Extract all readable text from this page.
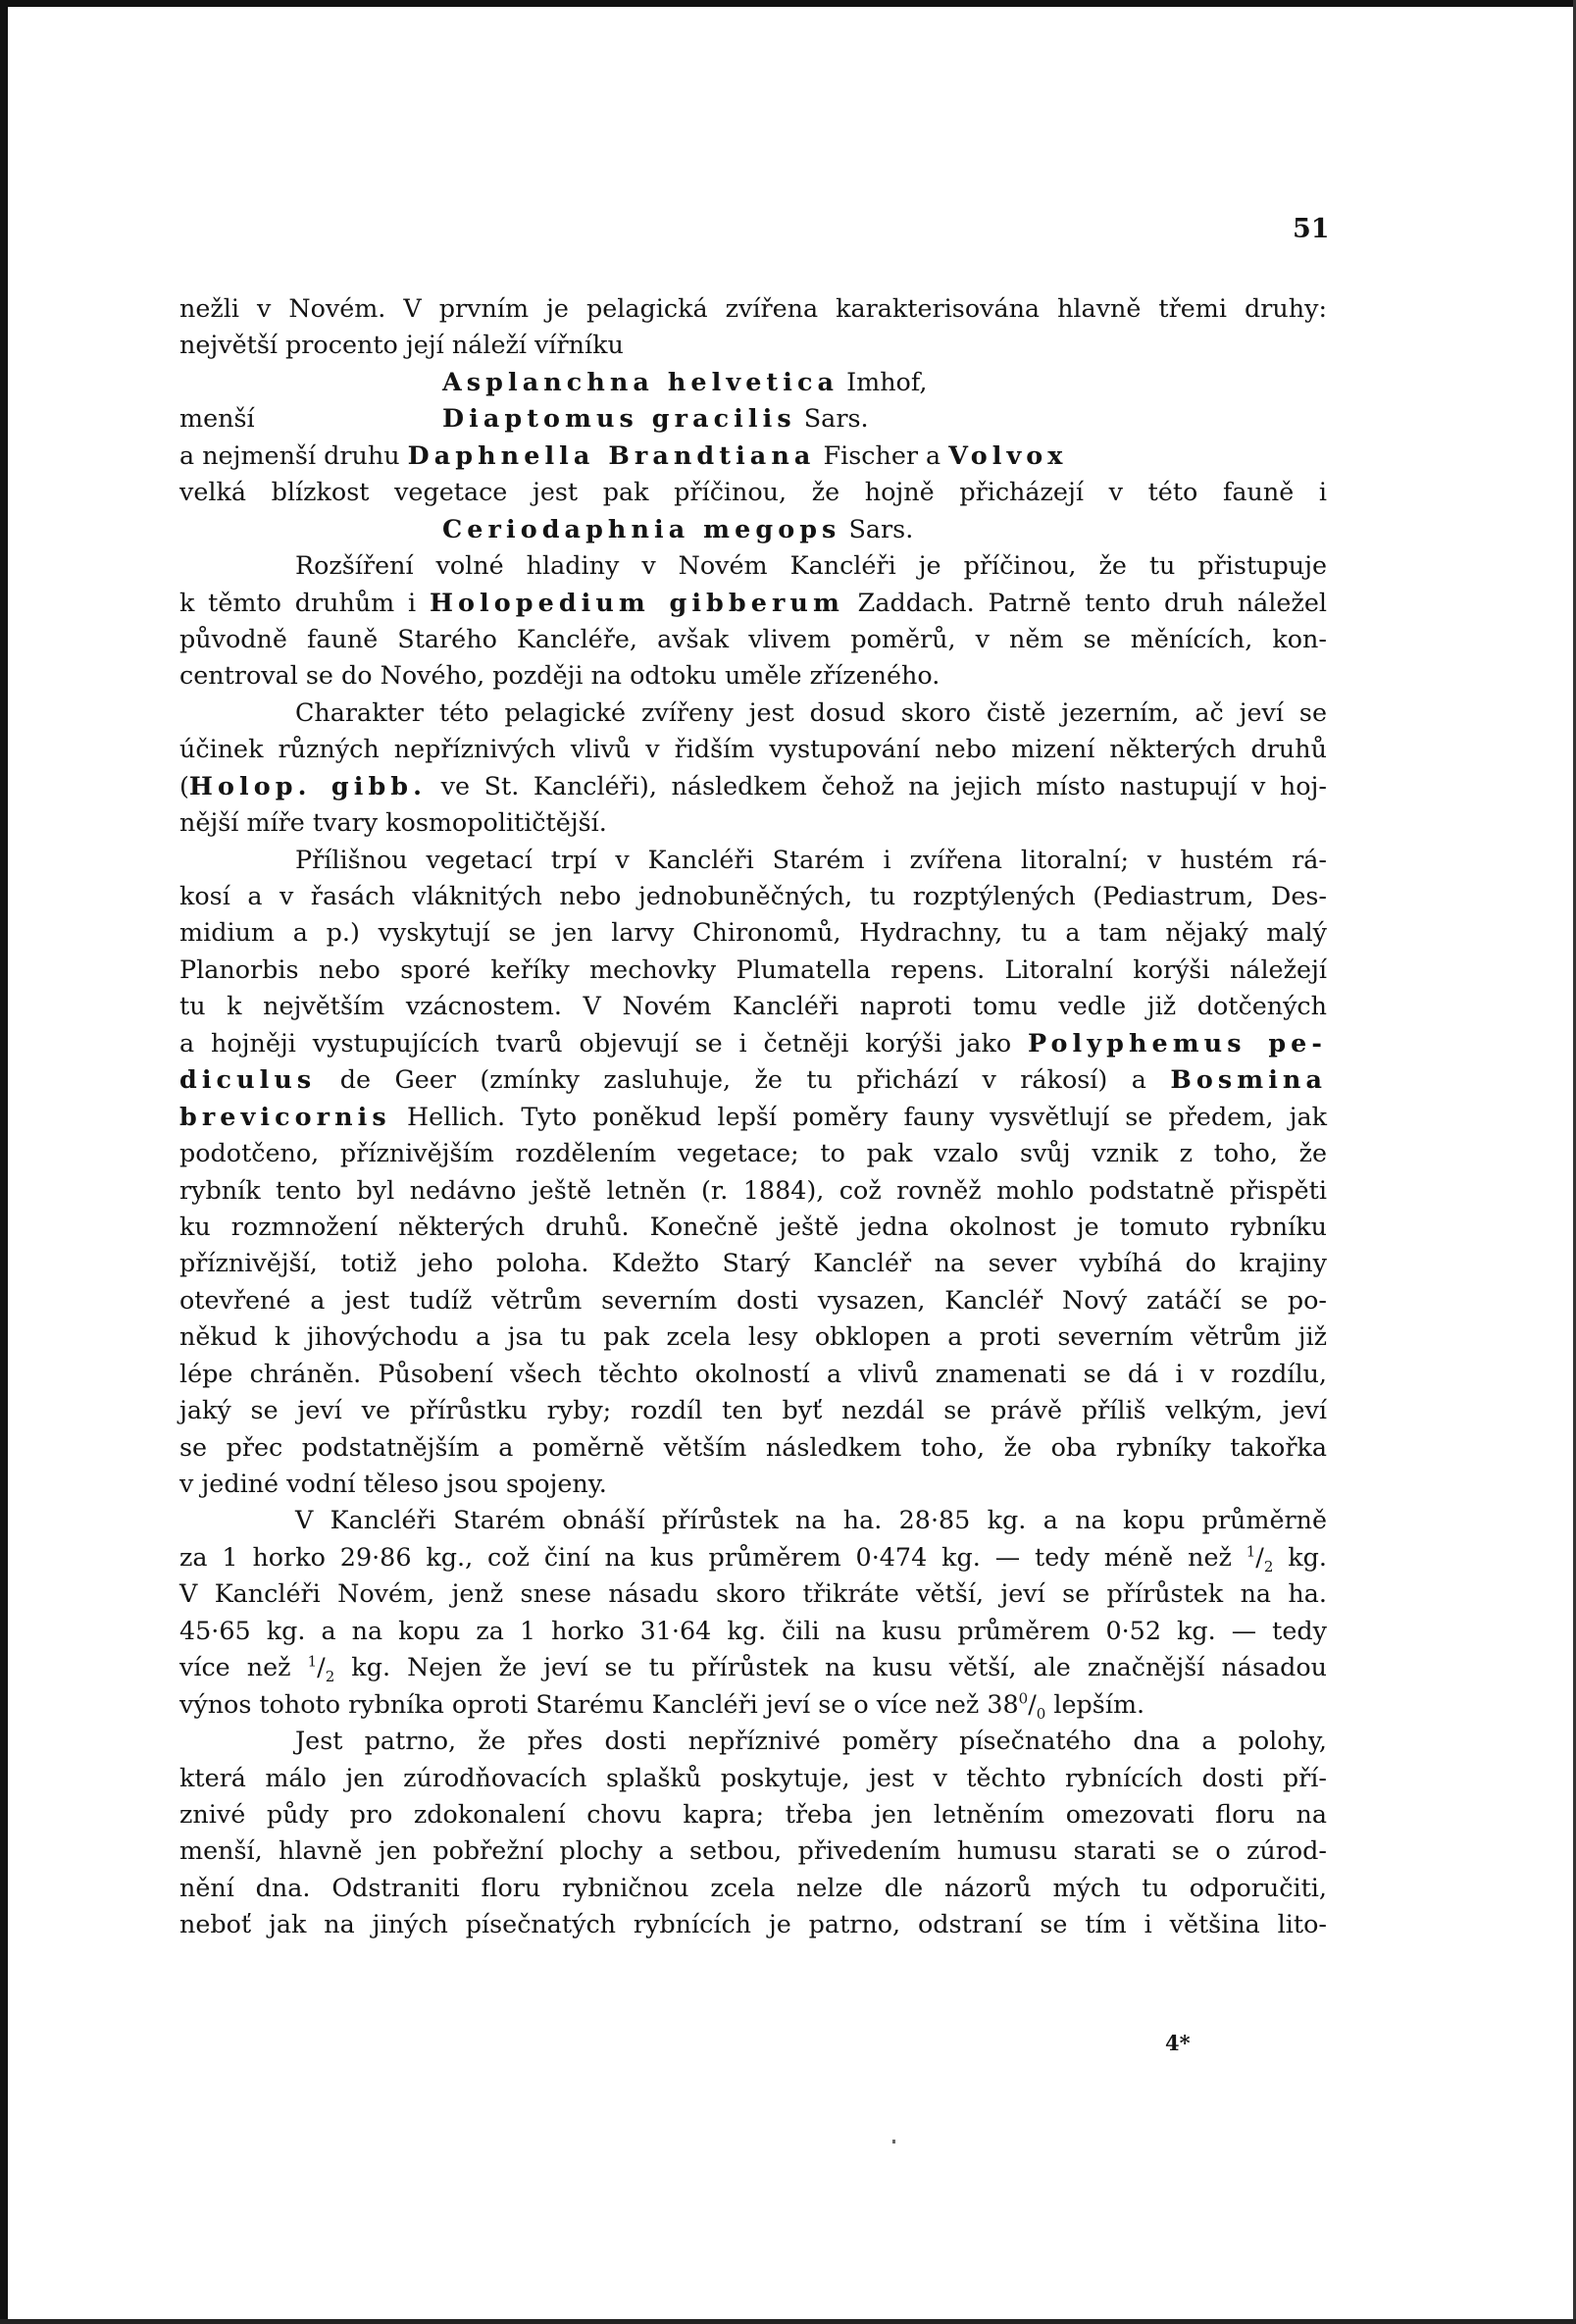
51
nežli v Novém. V prvním je pelagická zvířena karakterisována hlavně třemi druhy:
největší procento její náleží vířníku
Asplanchna helvetica Imhof,
menší	Diaptomus gracilis Sars.
a nejmenší druhu Daphnella Brandtiana Fischer a Volvox
velká blízkost vegetace jest pak příčinou, že hojně přicházejí v této fauně i
Ceriodaphnia megops Sars.
Rozšíření volné hladiny v Novém Kancléři je příčinou, že tu přistupuje
k těmto druhům i Holopedium gibberum Zaddach. Patrně tento druh náležel
původně fauně Starého Kancléře, avšak vlivem poměrů, v něm se měnících, kon-
centroval se do Nového, později na odtoku uměle zřízeného.
Charakter této pelagické zvířeny jest dosud skoro čistě jezerním, ač jeví se
účinek různých nepříznivých vlivů v řidším vystupování nebo mizení některých druhů
(Holop. gibb. ve St. Kancléři), následkem čehož na jejich místo nastupují v hoj-
nější míře tvary kosmopolitičtější.
Přílišnou vegetací trpí v Kancléři Starém i zvířena litoralní; v hustém rá-
kosí a v řasách vláknitých nebo jednobuněčných, tu rozptýlených (Pediastrum, Des-
midium a p.) vyskytují se jen larvy Chironomů, Hydrachny, tu a tam nějaký malý
Planorbis nebo sporé keříky mechovky Plumatella repens. Litoralní korýši náležejí
tu k největším vzácnostem. V Novém Kancléři naproti tomu vedle již dotčených
a hojněji vystupujících tvarů objevují se i četněji korýši jako Polyphemus pe-
diculus de Geer (zmínky zasluhuje, že tu přichází v rákosí) a Bosmina
brevicornis Hellich. Tyto poněkud lepší poměry fauny vysvětlují se předem, jak
podotčeno, příznivějším rozdělením vegetace; to pak vzalo svůj vznik z toho, že
rybník tento byl nedávno ještě letněn (r. 1884), což rovněž mohlo podstatně přispěti
ku rozmnožení některých druhů. Konečně ještě jedna okolnost je tomuto rybníku
příznivější, totiž jeho poloha. Kdežto Starý Kancléř na sever vybíhá do krajiny
otevřené a jest tudíž větrům severním dosti vysazen, Kancléř Nový zatáčí se po-
někud k jihovýchodu a jsa tu pak zcela lesy obklopen a proti severním větrům již
lépe chráněn. Působení všech těchto okolností a vlivů znamenati se dá i v rozdílu,
jaký se jeví ve přírůstku ryby; rozdíl ten byť nezdál se právě příliš velkým, jeví
se přec podstatnějším a poměrně větším následkem toho, že oba rybníky takořka
v jediné vodní těleso jsou spojeny.
V Kancléři Starém obnáší přírůstek na ha. 28·85 kg. a na kopu průměrně
za 1 horko 29·86 kg., což činí na kus průměrem 0·474 kg. — tedy méně než $^1/_2$ kg.
V Kancléři Novém, jenž snese násadu skoro třikráte větší, jeví se přírůstek na ha.
45·65 kg. a na kopu za 1 horko 31·64 kg. čili na kusu průměrem 0·52 kg. — tedy
více než $^1/_2$ kg. Nejen že jeví se tu přírůstek na kusu větší, ale značnější násadou
výnos tohoto rybníka oproti Starému Kancléři jeví se o více než $38^0/_0$ lepším.
Jest patrno, že přes dosti nepříznivé poměry písečnatého dna a polohy,
která málo jen zúrodňovacích splašků poskytuje, jest v těchto rybnících dosti pří-
znivé půdy pro zdokonalení chovu kapra; třeba jen letněním omezovati floru na
menší, hlavně jen pobřežní plochy a setbou, přivedením humusu starati se o zúrod-
nění dna. Odstraniti floru rybničnou zcela nelze dle názorů mých tu odporučiti,
neboť jak na jiných písečnatých rybnících je patrno, odstraní se tím i většina lito-
4*
